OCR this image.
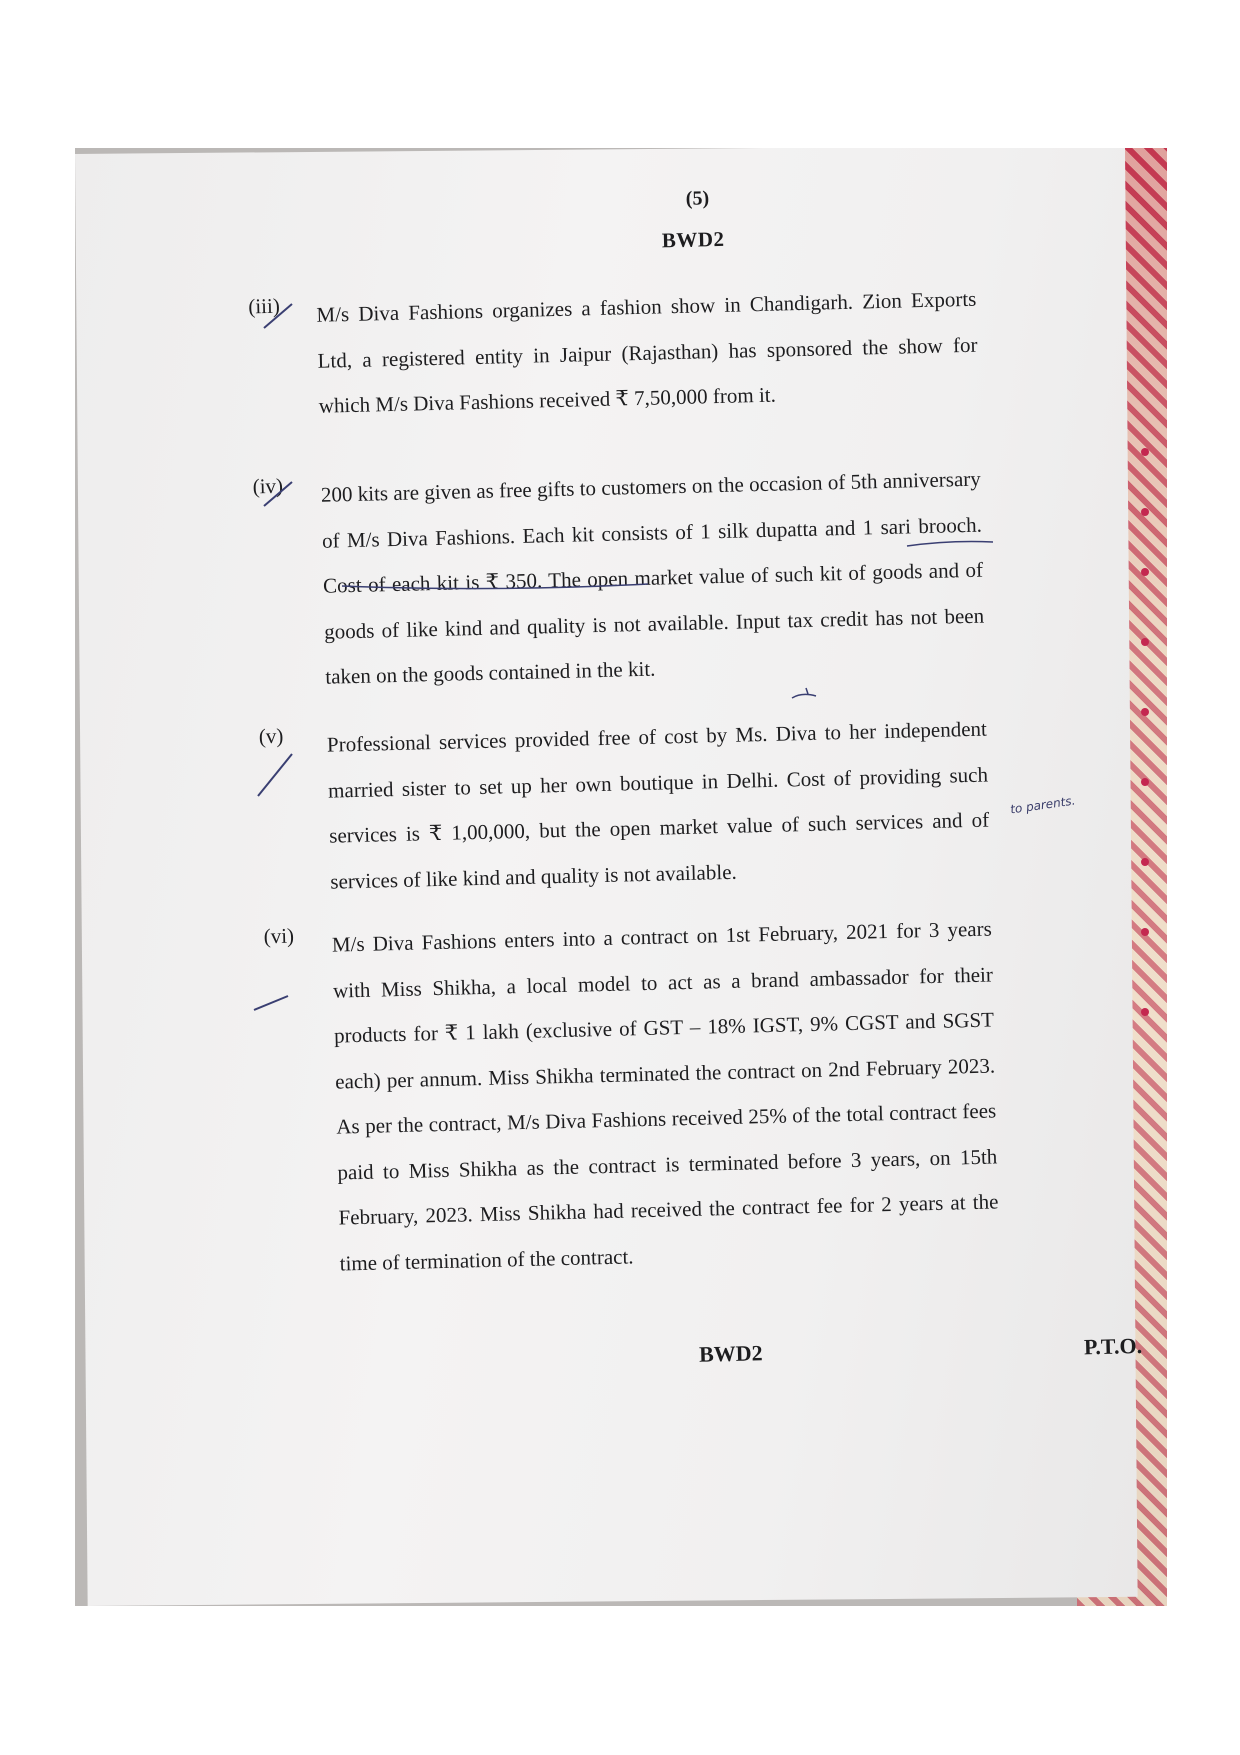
(5)
BWD2
(iii)	M/s Diva Fashions organizes a fashion show in Chandigarh. Zion Exports Ltd, a registered entity in Jaipur (Rajasthan) has sponsored the show for which M/s Diva Fashions received ₹ 7,50,000 from it.
(iv)	200 kits are given as free gifts to customers on the occasion of 5th anniversary of M/s Diva Fashions. Each kit consists of 1 silk dupatta and 1 sari brooch. Cost of each kit is ₹ 350. The open market value of such kit of goods and of goods of like kind and quality is not available. Input tax credit has not been taken on the goods contained in the kit.
(v)	Professional services provided free of cost by Ms. Diva to her independent married sister to set up her own boutique in Delhi. Cost of providing such services is ₹ 1,00,000, but the open market value of such services and of services of like kind and quality is not available.
(vi)	M/s Diva Fashions enters into a contract on 1st February, 2021 for 3 years with Miss Shikha, a local model to act as a brand ambassador for their products for ₹ 1 lakh (exclusive of GST – 18% IGST, 9% CGST and SGST each) per annum. Miss Shikha terminated the contract on 2nd February 2023. As per the contract, M/s Diva Fashions received 25% of the total contract fees paid to Miss Shikha as the contract is terminated before 3 years, on 15th February, 2023. Miss Shikha had received the contract fee for 2 years at the time of termination of the contract.
BWD2	P.T.O.
to parents.
